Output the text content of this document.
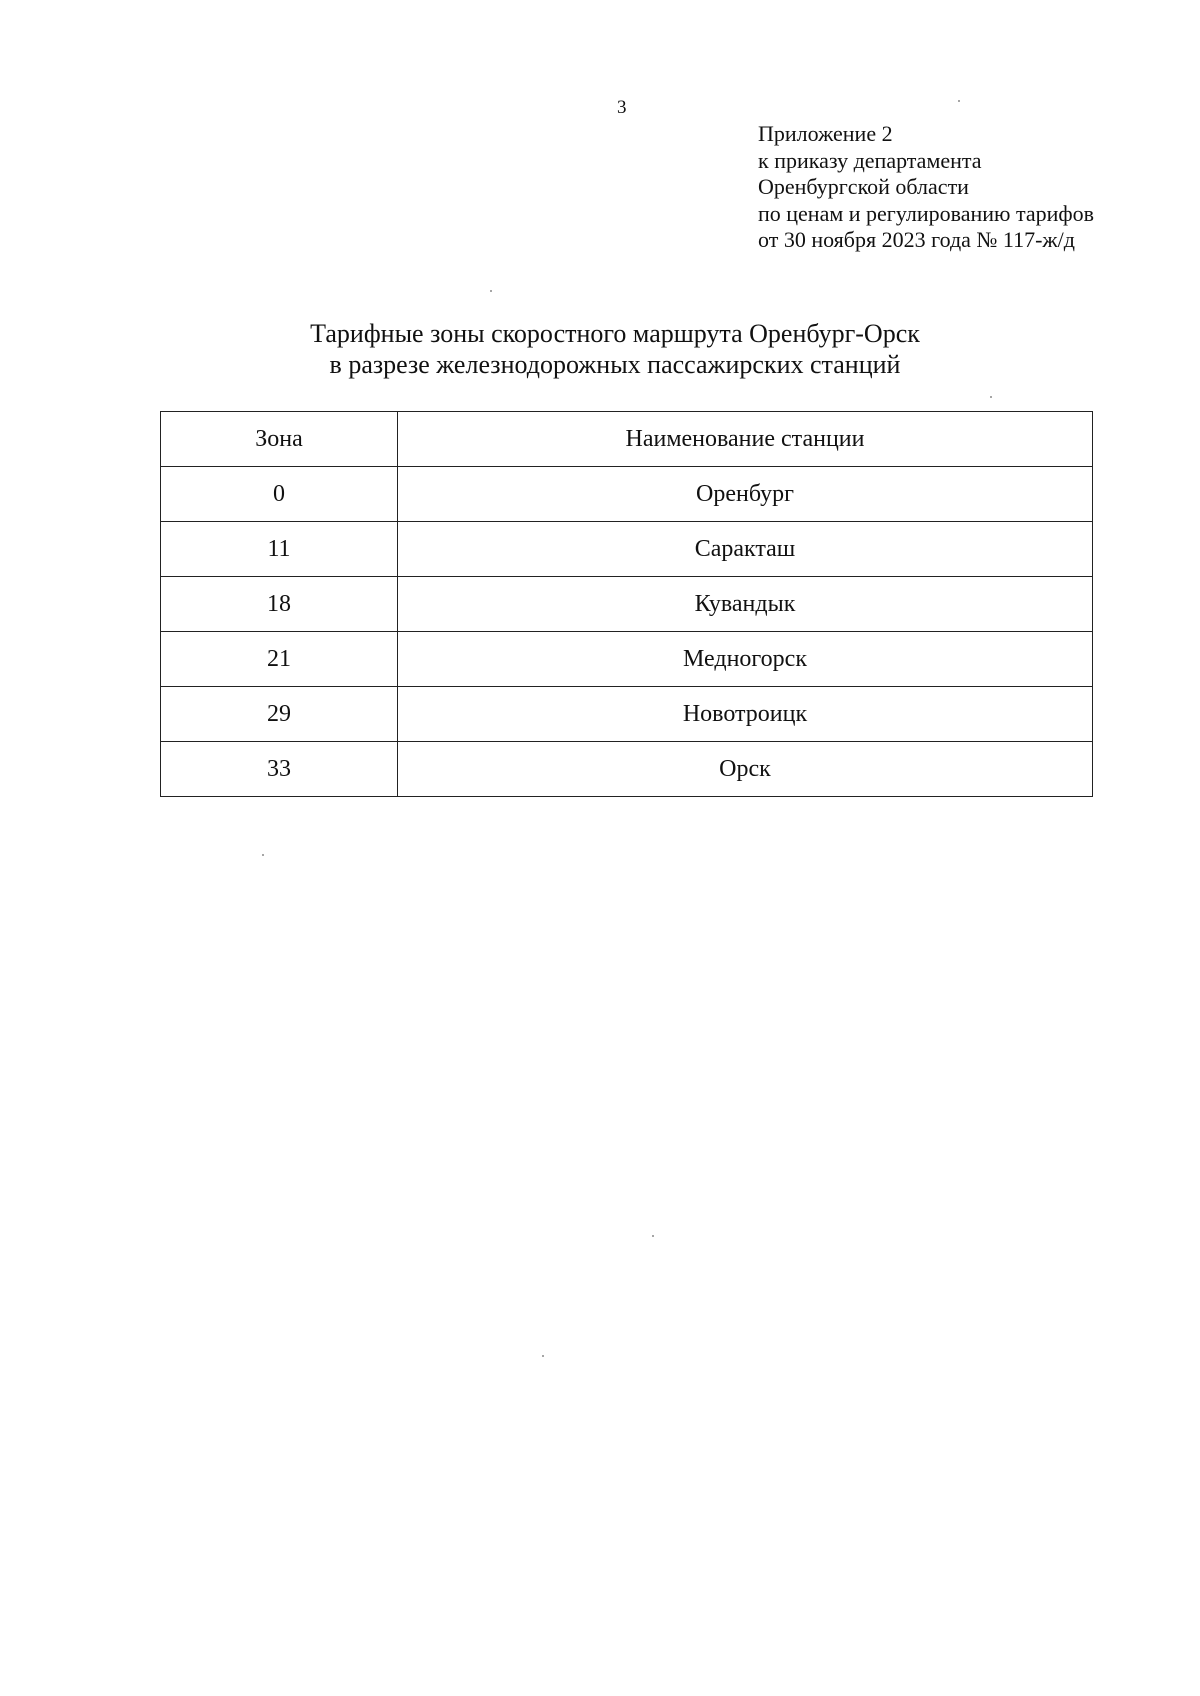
3
Приложение 2
к приказу департамента
Оренбургской области
по ценам и регулированию тарифов
от 30 ноября 2023 года № 117-ж/д
Тарифные зоны скоростного маршрута Оренбург-Орск
в разрезе железнодорожных пассажирских станций
Зона	Наименование станции
0	Оренбург
11	Саракташ
18	Кувандык
21	Медногорск
29	Новотроицк
33	Орск
